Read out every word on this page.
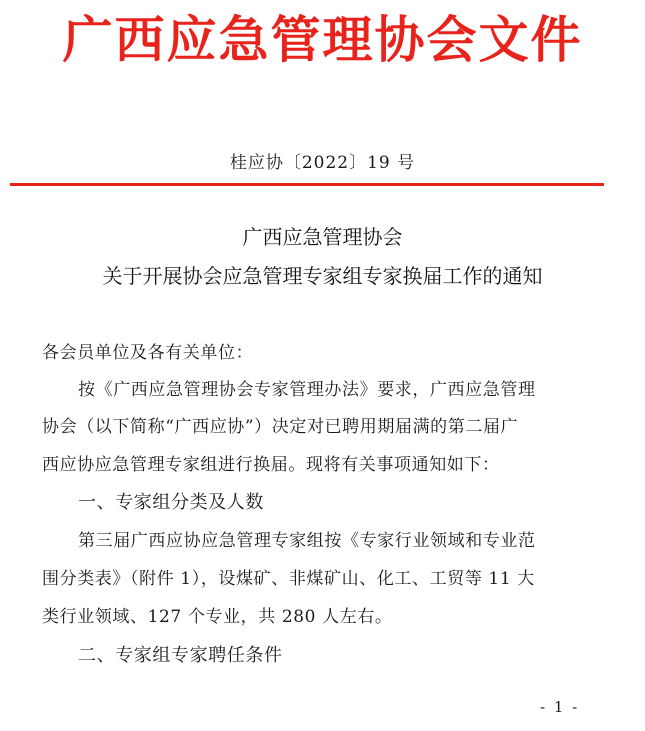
广西应急管理协会文件
桂应协〔2022〕19 号
广西应急管理协会
关于开展协会应急管理专家组专家换届工作的通知
各会员单位及各有关单位：
按《广西应急管理协会专家管理办法》要求，广西应急管理
协会（以下简称“广西应协”）决定对已聘用期届满的第二届广
西应协应急管理专家组进行换届。现将有关事项通知如下：
一、专家组分类及人数
第三届广西应协应急管理专家组按《专家行业领域和专业范
围分类表》（附件 1），设煤矿、非煤矿山、化工、工贸等 11 大
类行业领域、127 个专业，共 280 人左右。
二、专家组专家聘任条件
- 1 -
